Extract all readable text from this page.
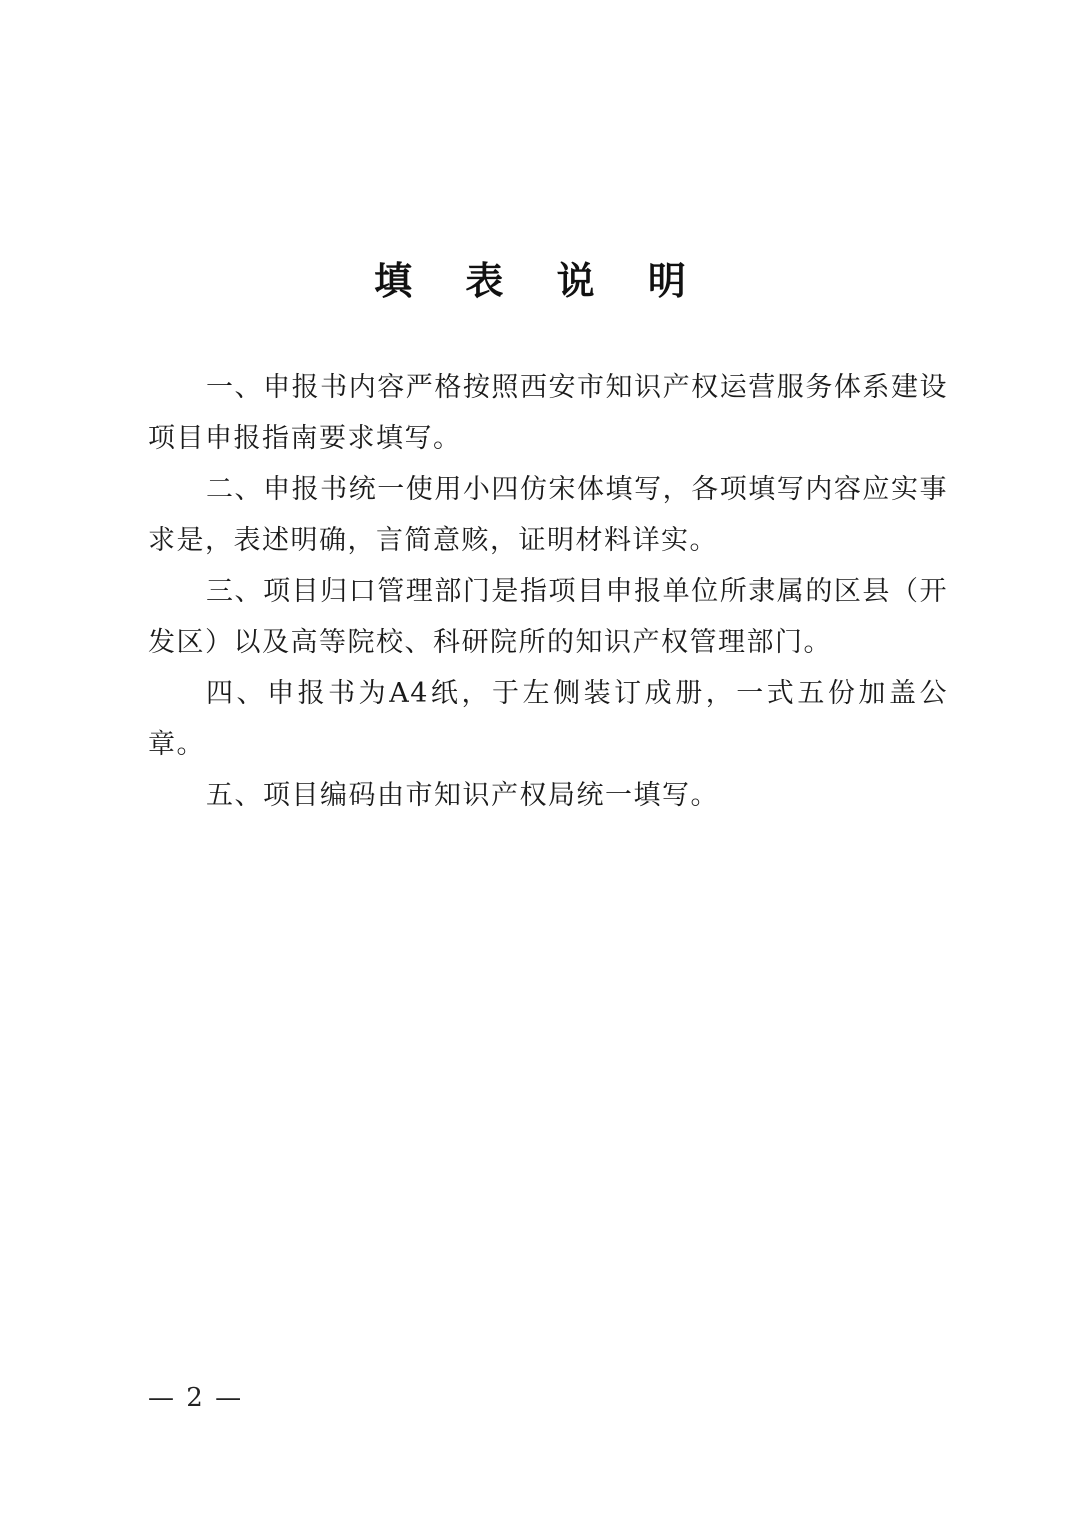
填 表 说 明

一、申报书内容严格按照西安市知识产权运营服务体系建设项目申报指南要求填写。

二、申报书统一使用小四仿宋体填写，各项填写内容应实事求是，表述明确，言简意赅，证明材料详实。

三、项目归口管理部门是指项目申报单位所隶属的区县（开发区）以及高等院校、科研院所的知识产权管理部门。

四、申报书为A4纸，于左侧装订成册，一式五份加盖公章。

五、项目编码由市知识产权局统一填写。

— 2 —
